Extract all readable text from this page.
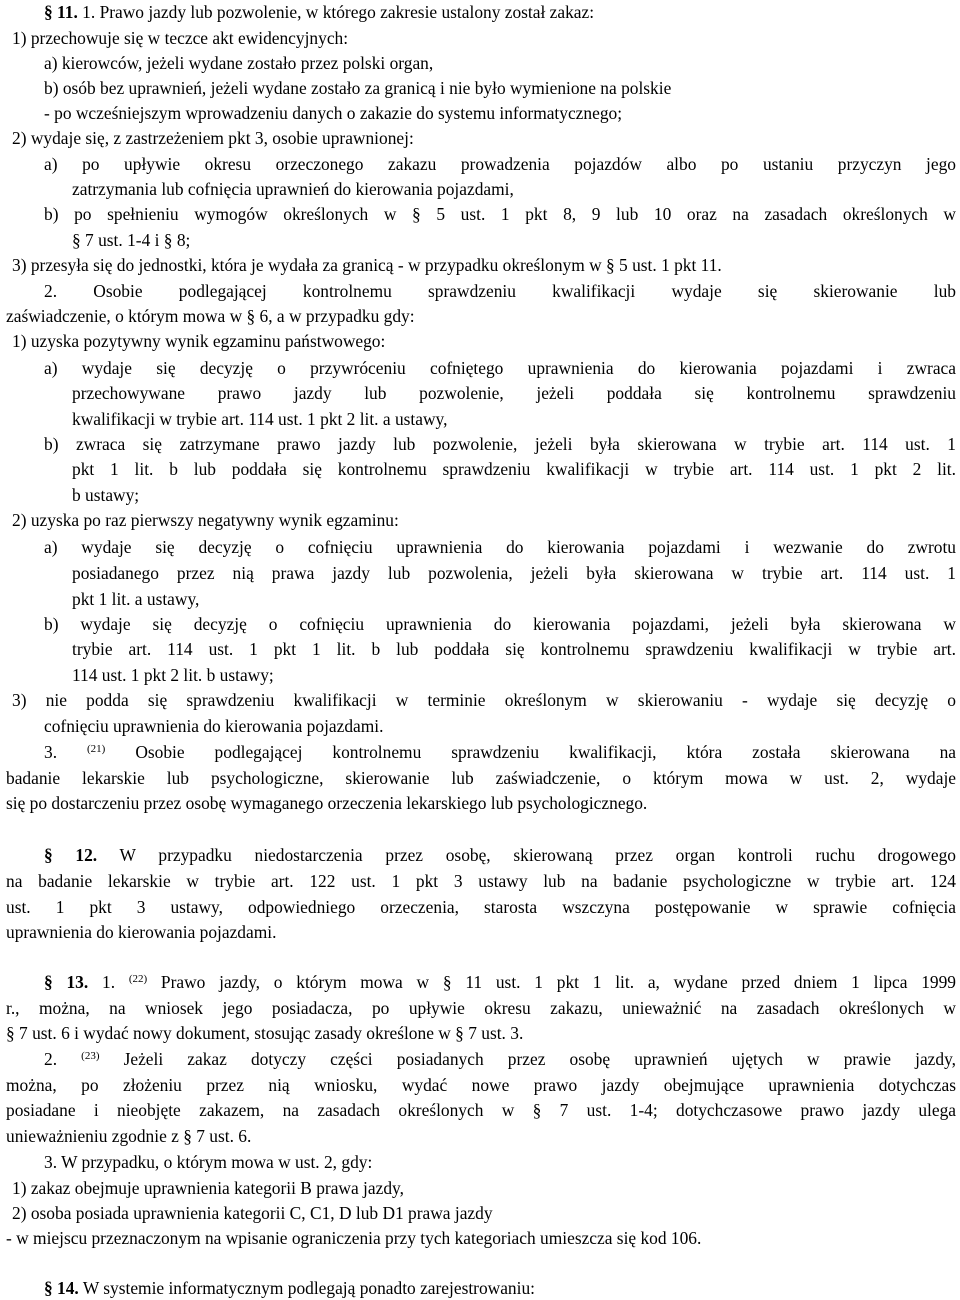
§ 11. 1. Prawo jazdy lub pozwolenie, w którego zakresie ustalony został zakaz:
1) przechowuje się w teczce akt ewidencyjnych:
a) kierowców, jeżeli wydane zostało przez polski organ,
b) osób bez uprawnień, jeżeli wydane zostało za granicą i nie było wymienione na polskie
- po wcześniejszym wprowadzeniu danych o zakazie do systemu informatycznego;
2) wydaje się, z zastrzeżeniem pkt 3, osobie uprawnionej:
a) po upływie okresu orzeczonego zakazu prowadzenia pojazdów albo po ustaniu przyczyn jego
zatrzymania lub cofnięcia uprawnień do kierowania pojazdami,
b) po spełnieniu wymogów określonych w § 5 ust. 1 pkt 8, 9 lub 10 oraz na zasadach określonych w
§ 7 ust. 1-4 i § 8;
3) przesyła się do jednostki, która je wydała za granicą - w przypadku określonym w § 5 ust. 1 pkt 11.
2. Osobie podlegającej kontrolnemu sprawdzeniu kwalifikacji wydaje się skierowanie lub
zaświadczenie, o którym mowa w § 6, a w przypadku gdy:
1) uzyska pozytywny wynik egzaminu państwowego:
a) wydaje się decyzję o przywróceniu cofniętego uprawnienia do kierowania pojazdami i zwraca
przechowywane prawo jazdy lub pozwolenie, jeżeli poddała się kontrolnemu sprawdzeniu
kwalifikacji w trybie art. 114 ust. 1 pkt 2 lit. a ustawy,
b) zwraca się zatrzymane prawo jazdy lub pozwolenie, jeżeli była skierowana w trybie art. 114 ust. 1
pkt 1 lit. b lub poddała się kontrolnemu sprawdzeniu kwalifikacji w trybie art. 114 ust. 1 pkt 2 lit.
b ustawy;
2) uzyska po raz pierwszy negatywny wynik egzaminu:
a) wydaje się decyzję o cofnięciu uprawnienia do kierowania pojazdami i wezwanie do zwrotu
posiadanego przez nią prawa jazdy lub pozwolenia, jeżeli była skierowana w trybie art. 114 ust. 1
pkt 1 lit. a ustawy,
b) wydaje się decyzję o cofnięciu uprawnienia do kierowania pojazdami, jeżeli była skierowana w
trybie art. 114 ust. 1 pkt 1 lit. b lub poddała się kontrolnemu sprawdzeniu kwalifikacji w trybie art.
114 ust. 1 pkt 2 lit. b ustawy;
3) nie podda się sprawdzeniu kwalifikacji w terminie określonym w skierowaniu - wydaje się decyzję o
cofnięciu uprawnienia do kierowania pojazdami.
3. $^{(21)}$ Osobie podlegającej kontrolnemu sprawdzeniu kwalifikacji, która została skierowana na
badanie lekarskie lub psychologiczne, skierowanie lub zaświadczenie, o którym mowa w ust. 2, wydaje
się po dostarczeniu przez osobę wymaganego orzeczenia lekarskiego lub psychologicznego.
§ 12. W przypadku niedostarczenia przez osobę, skierowaną przez organ kontroli ruchu drogowego
na badanie lekarskie w trybie art. 122 ust. 1 pkt 3 ustawy lub na badanie psychologiczne w trybie art. 124
ust. 1 pkt 3 ustawy, odpowiedniego orzeczenia, starosta wszczyna postępowanie w sprawie cofnięcia
uprawnienia do kierowania pojazdami.
§ 13. 1. $^{(22)}$ Prawo jazdy, o którym mowa w § 11 ust. 1 pkt 1 lit. a, wydane przed dniem 1 lipca 1999
r., można, na wniosek jego posiadacza, po upływie okresu zakazu, unieważnić na zasadach określonych w
§ 7 ust. 6 i wydać nowy dokument, stosując zasady określone w § 7 ust. 3.
2. $^{(23)}$ Jeżeli zakaz dotyczy części posiadanych przez osobę uprawnień ujętych w prawie jazdy,
można, po złożeniu przez nią wniosku, wydać nowe prawo jazdy obejmujące uprawnienia dotychczas
posiadane i nieobjęte zakazem, na zasadach określonych w § 7 ust. 1-4; dotychczasowe prawo jazdy ulega
unieważnieniu zgodnie z § 7 ust. 6.
3. W przypadku, o którym mowa w ust. 2, gdy:
1) zakaz obejmuje uprawnienia kategorii B prawa jazdy,
2) osoba posiada uprawnienia kategorii C, C1, D lub D1 prawa jazdy
- w miejscu przeznaczonym na wpisanie ograniczenia przy tych kategoriach umieszcza się kod 106.
§ 14. W systemie informatycznym podlegają ponadto zarejestrowaniu:
